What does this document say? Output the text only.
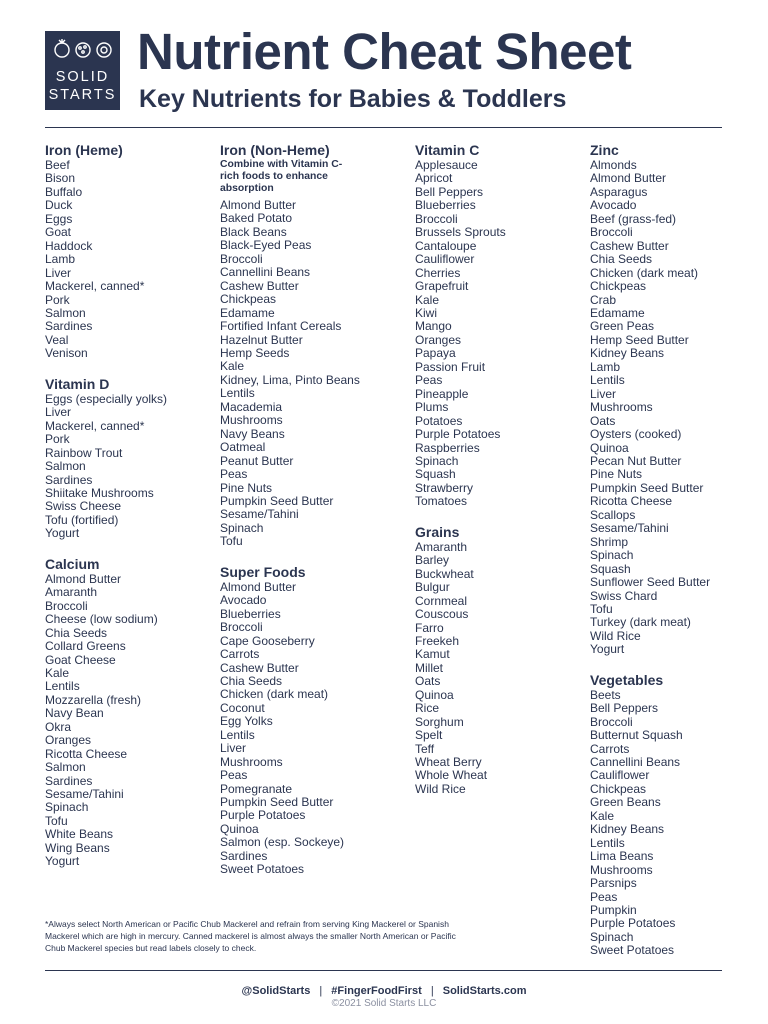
SOLID
STARTS
Nutrient Cheat Sheet
Key Nutrients for Babies & Toddlers
Iron (Heme)
Beef
Bison
Buffalo
Duck
Eggs
Goat
Haddock
Lamb
Liver
Mackerel, canned*
Pork
Salmon
Sardines
Veal
Venison
Vitamin D
Eggs (especially yolks)
Liver
Mackerel, canned*
Pork
Rainbow Trout
Salmon
Sardines
Shiitake Mushrooms
Swiss Cheese
Tofu (fortified)
Yogurt
Calcium
Almond Butter
Amaranth
Broccoli
Cheese (low sodium)
Chia Seeds
Collard Greens
Goat Cheese
Kale
Lentils
Mozzarella (fresh)
Navy Bean
Okra
Oranges
Ricotta Cheese
Salmon
Sardines
Sesame/Tahini
Spinach
Tofu
White Beans
Wing Beans
Yogurt
Iron (Non-Heme)
Combine with Vitamin C-rich foods to enhance absorption
Almond Butter
Baked Potato
Black Beans
Black-Eyed Peas
Broccoli
Cannellini Beans
Cashew Butter
Chickpeas
Edamame
Fortified Infant Cereals
Hazelnut Butter
Hemp Seeds
Kale
Kidney, Lima, Pinto Beans
Lentils
Macademia
Mushrooms
Navy Beans
Oatmeal
Peanut Butter
Peas
Pine Nuts
Pumpkin Seed Butter
Sesame/Tahini
Spinach
Tofu
Super Foods
Almond Butter
Avocado
Blueberries
Broccoli
Cape Gooseberry
Carrots
Cashew Butter
Chia Seeds
Chicken (dark meat)
Coconut
Egg Yolks
Lentils
Liver
Mushrooms
Peas
Pomegranate
Pumpkin Seed Butter
Purple Potatoes
Quinoa
Salmon (esp. Sockeye)
Sardines
Sweet Potatoes
Vitamin C
Applesauce
Apricot
Bell Peppers
Blueberries
Broccoli
Brussels Sprouts
Cantaloupe
Cauliflower
Cherries
Grapefruit
Kale
Kiwi
Mango
Oranges
Papaya
Passion Fruit
Peas
Pineapple
Plums
Potatoes
Purple Potatoes
Raspberries
Spinach
Squash
Strawberry
Tomatoes
Grains
Amaranth
Barley
Buckwheat
Bulgur
Cornmeal
Couscous
Farro
Freekeh
Kamut
Millet
Oats
Quinoa
Rice
Sorghum
Spelt
Teff
Wheat Berry
Whole Wheat
Wild Rice
Zinc
Almonds
Almond Butter
Asparagus
Avocado
Beef (grass-fed)
Broccoli
Cashew Butter
Chia Seeds
Chicken (dark meat)
Chickpeas
Crab
Edamame
Green Peas
Hemp Seed Butter
Kidney Beans
Lamb
Lentils
Liver
Mushrooms
Oats
Oysters (cooked)
Quinoa
Pecan Nut Butter
Pine Nuts
Pumpkin Seed Butter
Ricotta Cheese
Scallops
Sesame/Tahini
Shrimp
Spinach
Squash
Sunflower Seed Butter
Swiss Chard
Tofu
Turkey (dark meat)
Wild Rice
Yogurt
Vegetables
Beets
Bell Peppers
Broccoli
Butternut Squash
Carrots
Cannellini Beans
Cauliflower
Chickpeas
Green Beans
Kale
Kidney Beans
Lentils
Lima Beans
Mushrooms
Parsnips
Peas
Pumpkin
Purple Potatoes
Spinach
Sweet Potatoes

*Always select North American or Pacific Chub Mackerel and refrain from serving King Mackerel or Spanish Mackerel which are high in mercury. Canned mackerel is almost always the smaller North American or Pacific Chub Mackerel species but read labels closely to check.

@SolidStarts | #FingerFoodFirst | SolidStarts.com
©2021 Solid Starts LLC
